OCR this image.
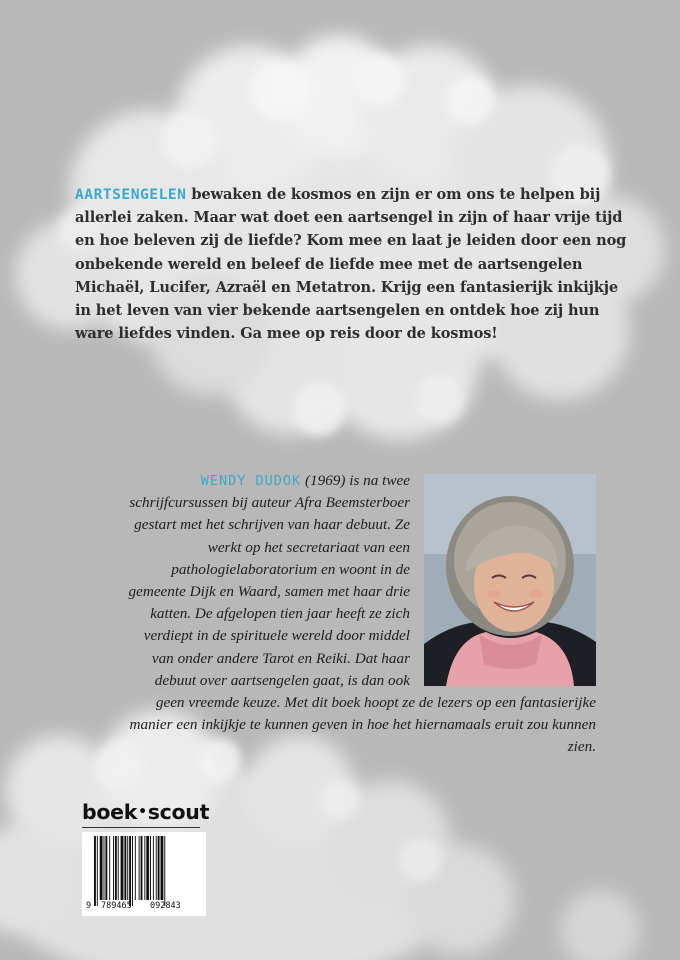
AARTSENGELEN bewaken de kosmos en zijn er om ons te helpen bij allerlei zaken. Maar wat doet een aartsengel in zijn of haar vrije tijd en hoe beleven zij de liefde? Kom mee en laat je leiden door een nog onbekende wereld en beleef de liefde mee met de aartsengelen Michaël, Lucifer, Azraël en Metatron. Krijg een fantasierijk inkijkje in het leven van vier bekende aartsengelen en ontdek hoe zij hun ware liefdes vinden. Ga mee op reis door de kosmos!

WENDY DUDOK (1969) is na twee schrijfcursussen bij auteur Afra Beemsterboer gestart met het schrijven van haar debuut. Ze werkt op het secretariaat van een pathologielaboratorium en woont in de gemeente Dijk en Waard, samen met haar drie katten. De afgelopen tien jaar heeft ze zich verdiept in de spirituele wereld door middel van onder andere Tarot en Reiki. Dat haar debuut over aartsengelen gaat, is dan ook geen vreemde keuze. Met dit boek hoopt ze de lezers op een fantasierijke manier een inkijkje te kunnen geven in hoe het hiernamaals eruit zou kunnen zien.

boek•scout
9 789465 092843
